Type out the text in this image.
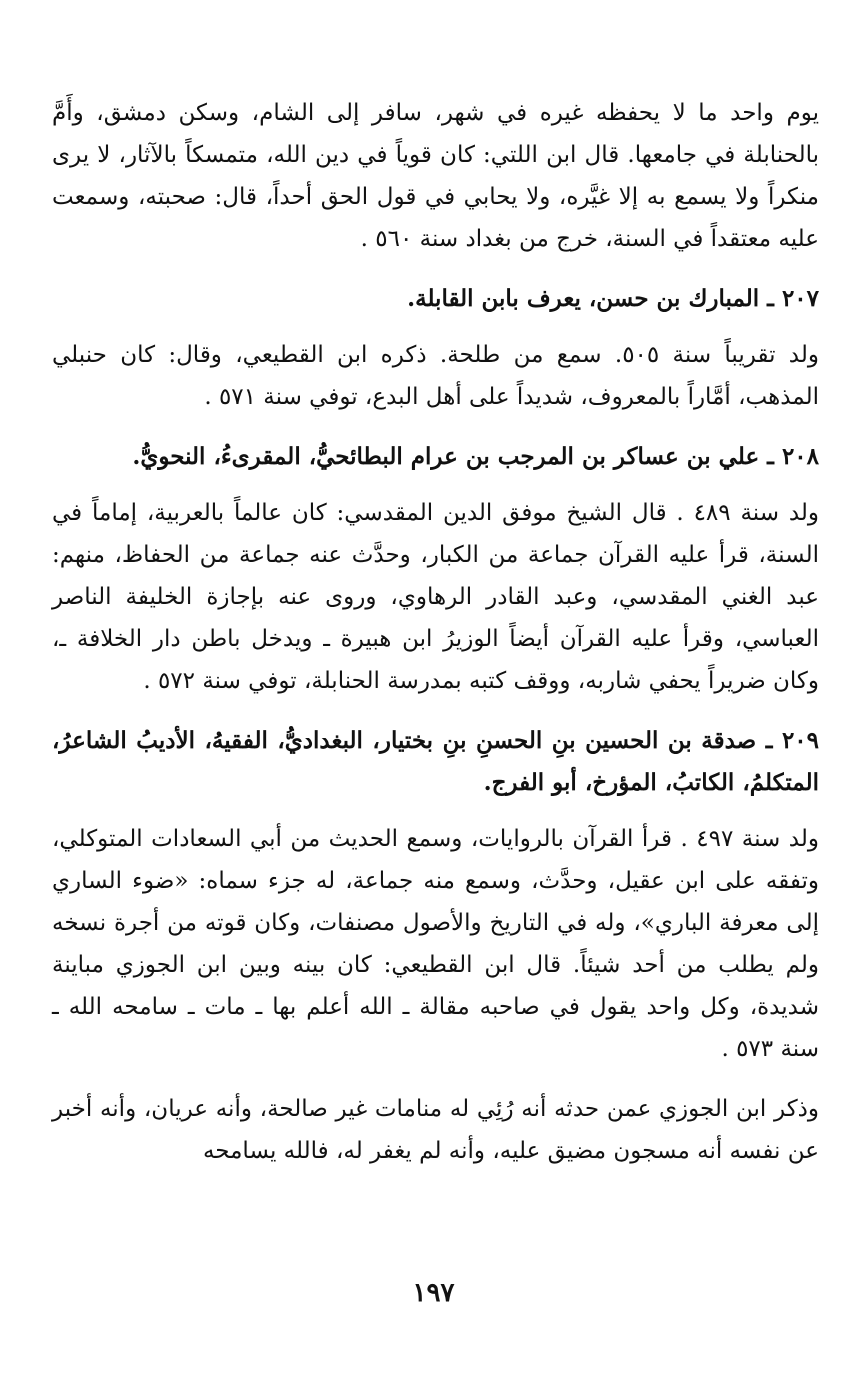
يوم واحد ما لا يحفظه غيره في شهر، سافر إلى الشام، وسكن دمشق، وأَمَّ بالحنابلة في جامعها. قال ابن اللتي: كان قوياً في دين الله، متمسكاً بالآثار، لا يرى منكراً ولا يسمع به إلا غيَّره، ولا يحابي في قول الحق أحداً، قال: صحبته، وسمعت عليه معتقداً في السنة، خرج من بغداد سنة ٥٦٠ .

٢٠٧ ـ المبارك بن حسن، يعرف بابن القابلة.

ولد تقريباً سنة ٥٠٥. سمع من طلحة. ذكره ابن القطيعي، وقال: كان حنبلي المذهب، أمَّاراً بالمعروف، شديداً على أهل البدع، توفي سنة ٥٧١ .

٢٠٨ ـ علي بن عساكر بن المرجب بن عرام البطائحيُّ، المقرىءُ، النحويُّ.

ولد سنة ٤٨٩ . قال الشيخ موفق الدين المقدسي: كان عالماً بالعربية، إماماً في السنة، قرأ عليه القرآن جماعة من الكبار، وحدَّث عنه جماعة من الحفاظ، منهم: عبد الغني المقدسي، وعبد القادر الرهاوي، وروى عنه بإجازة الخليفة الناصر العباسي، وقرأ عليه القرآن أيضاً الوزيرُ ابن هبيرة ـ ويدخل باطن دار الخلافة ـ، وكان ضريراً يحفي شاربه، ووقف كتبه بمدرسة الحنابلة، توفي سنة ٥٧٢ .

٢٠٩ ـ صدقة بن الحسين بنِ الحسنِ بنِ بختيار، البغداديُّ، الفقيهُ، الأديبُ الشاعرُ، المتكلمُ، الكاتبُ، المؤرخ، أبو الفرج.

ولد سنة ٤٩٧ . قرأ القرآن بالروايات، وسمع الحديث من أبي السعادات المتوكلي، وتفقه على ابن عقيل، وحدَّث، وسمع منه جماعة، له جزء سماه: «ضوء الساري إلى معرفة الباري»، وله في التاريخ والأصول مصنفات، وكان قوته من أجرة نسخه ولم يطلب من أحد شيئاً. قال ابن القطيعي: كان بينه وبين ابن الجوزي مباينة شديدة، وكل واحد يقول في صاحبه مقالة ـ الله أعلم بها ـ مات ـ سامحه الله ـ سنة ٥٧٣ .

وذكر ابن الجوزي عمن حدثه أنه رُئِي له منامات غير صالحة، وأنه عريان، وأنه أخبر عن نفسه أنه مسجون مضيق عليه، وأنه لم يغفر له، فالله يسامحه

١٩٧
